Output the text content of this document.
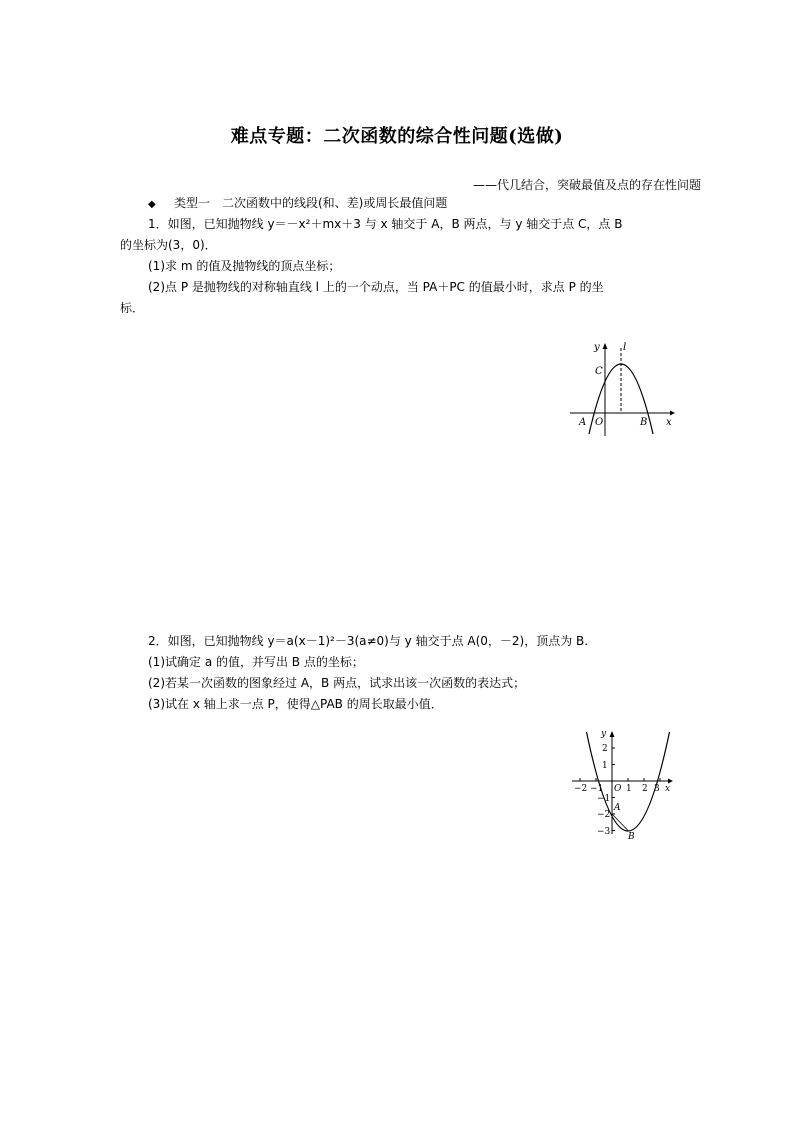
难点专题：二次函数的综合性问题(选做)
——代几结合，突破最值及点的存在性问题
◆ 类型一　二次函数中的线段(和、差)或周长最值问题
1．如图，已知抛物线 y＝－x²＋mx＋3 与 x 轴交于 A，B 两点，与 y 轴交于点 C，点 B
的坐标为(3，0)．
(1)求 m 的值及抛物线的顶点坐标；
(2)点 P 是抛物线的对称轴直线 l 上的一个动点，当 PA＋PC 的值最小时，求点 P 的坐
标．
y l
C
A O	B x
2．如图，已知抛物线 y＝a(x－1)²－3(a≠0)与 y 轴交于点 A(0，－2)，顶点为 B.
(1)试确定 a 的值，并写出 B 点的坐标；
(2)若某一次函数的图象经过 A，B 两点，试求出该一次函数的表达式；
(3)试在 x 轴上求一点 P，使得△PAB 的周长取最小值．
y
x
O
A
B
−2 −1	1 2 3
2
1
−1
−2
−3
